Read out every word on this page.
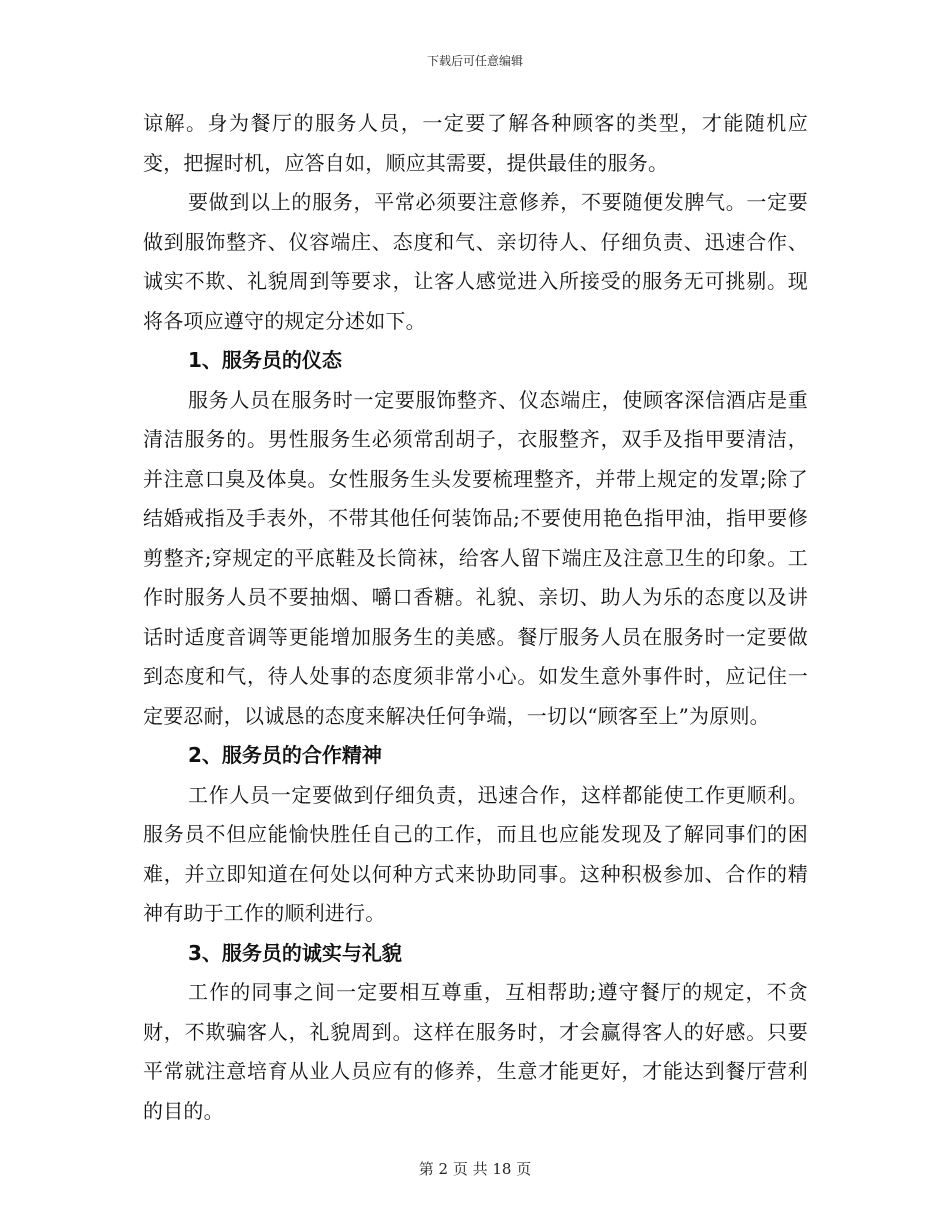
下载后可任意编辑

谅解。身为餐厅的服务人员，一定要了解各种顾客的类型，才能随机应变，把握时机，应答自如，顺应其需要，提供最佳的服务。

要做到以上的服务，平常必须要注意修养，不要随便发脾气。一定要做到服饰整齐、仪容端庄、态度和气、亲切待人、仔细负责、迅速合作、诚实不欺、礼貌周到等要求，让客人感觉进入所接受的服务无可挑剔。现将各项应遵守的规定分述如下。

1、服务员的仪态

服务人员在服务时一定要服饰整齐、仪态端庄，使顾客深信酒店是重清洁服务的。男性服务生必须常刮胡子，衣服整齐，双手及指甲要清洁，并注意口臭及体臭。女性服务生头发要梳理整齐，并带上规定的发罩;除了结婚戒指及手表外，不带其他任何装饰品;不要使用艳色指甲油，指甲要修剪整齐;穿规定的平底鞋及长筒袜，给客人留下端庄及注意卫生的印象。工作时服务人员不要抽烟、嚼口香糖。礼貌、亲切、助人为乐的态度以及讲话时适度音调等更能增加服务生的美感。餐厅服务人员在服务时一定要做到态度和气，待人处事的态度须非常小心。如发生意外事件时，应记住一定要忍耐，以诚恳的态度来解决任何争端，一切以“顾客至上”为原则。

2、服务员的合作精神

工作人员一定要做到仔细负责，迅速合作，这样都能使工作更顺利。服务员不但应能愉快胜任自己的工作，而且也应能发现及了解同事们的困难，并立即知道在何处以何种方式来协助同事。这种积极参加、合作的精神有助于工作的顺利进行。

3、服务员的诚实与礼貌

工作的同事之间一定要相互尊重，互相帮助;遵守餐厅的规定，不贪财，不欺骗客人，礼貌周到。这样在服务时，才会赢得客人的好感。只要平常就注意培育从业人员应有的修养，生意才能更好，才能达到餐厅营利的目的。

第 2 页 共 18 页
